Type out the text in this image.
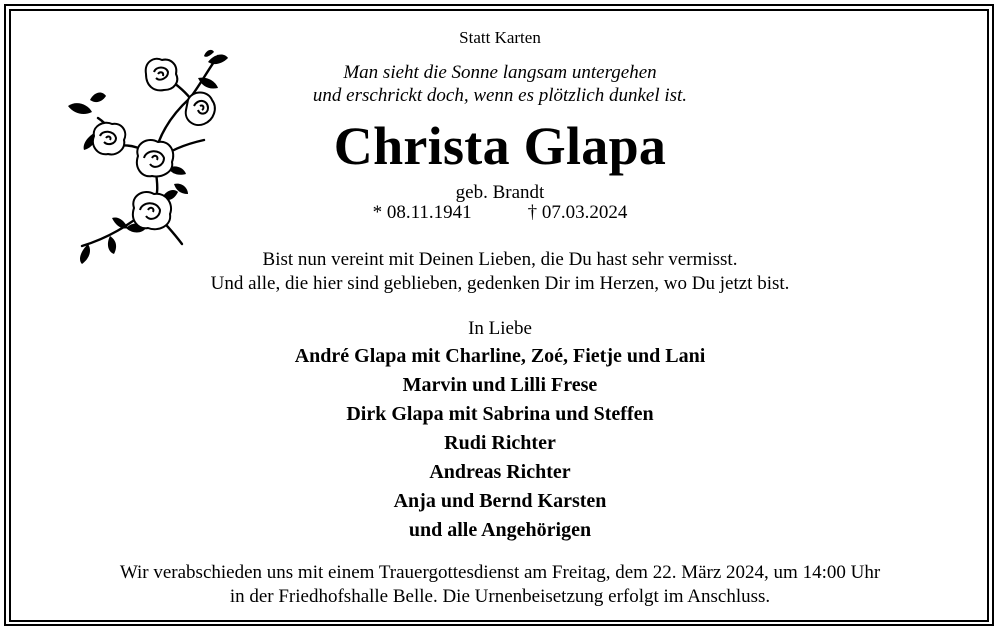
Statt Karten
Man sieht die Sonne langsam untergehen
und erschrickt doch, wenn es plötzlich dunkel ist.
Christa Glapa
geb. Brandt
* 08.11.1941	† 07.03.2024
Bist nun vereint mit Deinen Lieben, die Du hast sehr vermisst.
Und alle, die hier sind geblieben, gedenken Dir im Herzen, wo Du jetzt bist.
In Liebe
André Glapa mit Charline, Zoé, Fietje und Lani
Marvin und Lilli Frese
Dirk Glapa mit Sabrina und Steffen
Rudi Richter
Andreas Richter
Anja und Bernd Karsten
und alle Angehörigen
Wir verabschieden uns mit einem Trauergottesdienst am Freitag, dem 22. März 2024, um 14:00 Uhr
in der Friedhofshalle Belle. Die Urnenbeisetzung erfolgt im Anschluss.
